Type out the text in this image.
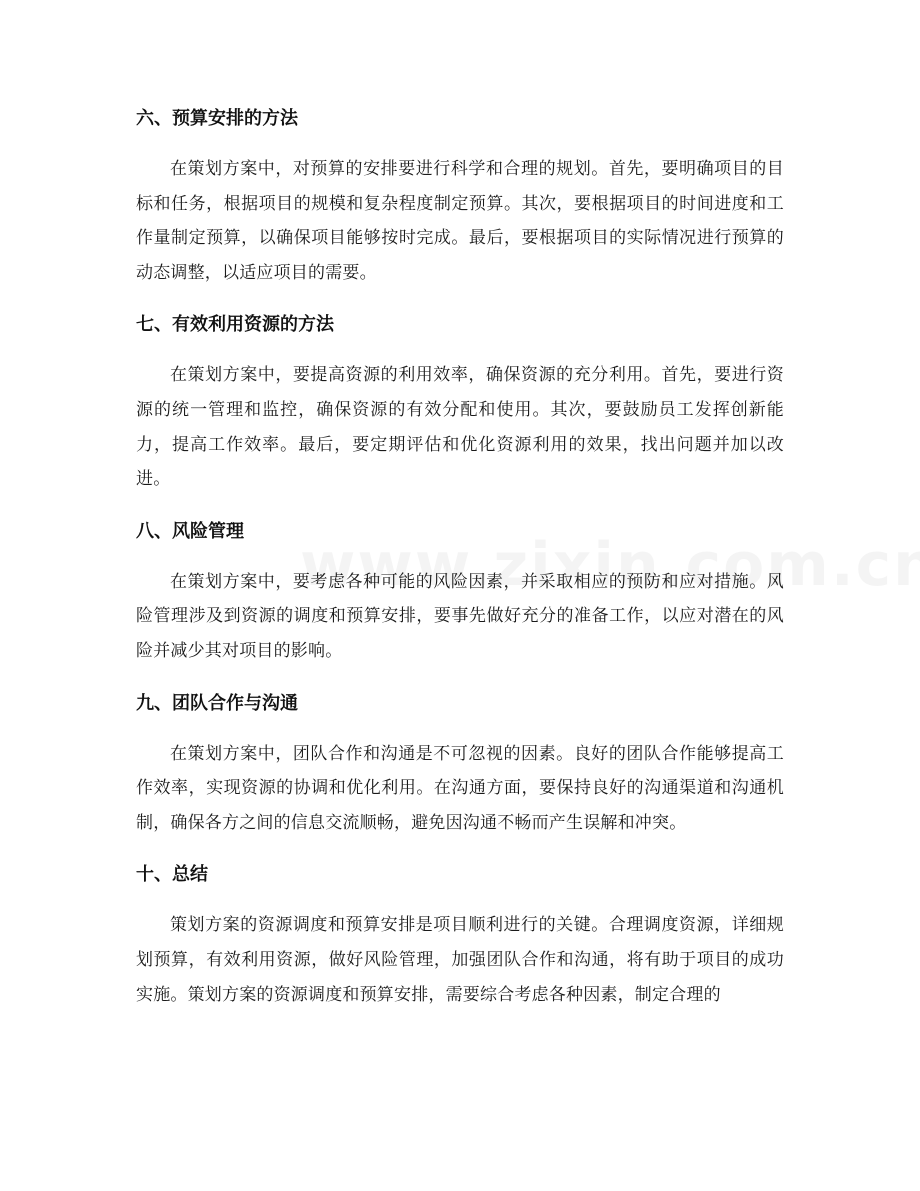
六、预算安排的方法

在策划方案中，对预算的安排要进行科学和合理的规划。首先，要明确项目的目标和任务，根据项目的规模和复杂程度制定预算。其次，要根据项目的时间进度和工作量制定预算，以确保项目能够按时完成。最后，要根据项目的实际情况进行预算的动态调整，以适应项目的需要。

七、有效利用资源的方法

在策划方案中，要提高资源的利用效率，确保资源的充分利用。首先，要进行资源的统一管理和监控，确保资源的有效分配和使用。其次，要鼓励员工发挥创新能力，提高工作效率。最后，要定期评估和优化资源利用的效果，找出问题并加以改进。

八、风险管理

在策划方案中，要考虑各种可能的风险因素，并采取相应的预防和应对措施。风险管理涉及到资源的调度和预算安排，要事先做好充分的准备工作，以应对潜在的风险并减少其对项目的影响。

九、团队合作与沟通

在策划方案中，团队合作和沟通是不可忽视的因素。良好的团队合作能够提高工作效率，实现资源的协调和优化利用。在沟通方面，要保持良好的沟通渠道和沟通机制，确保各方之间的信息交流顺畅，避免因沟通不畅而产生误解和冲突。

十、总结

策划方案的资源调度和预算安排是项目顺利进行的关键。合理调度资源，详细规划预算，有效利用资源，做好风险管理，加强团队合作和沟通，将有助于项目的成功实施。策划方案的资源调度和预算安排，需要综合考虑各种因素，制定合理的
